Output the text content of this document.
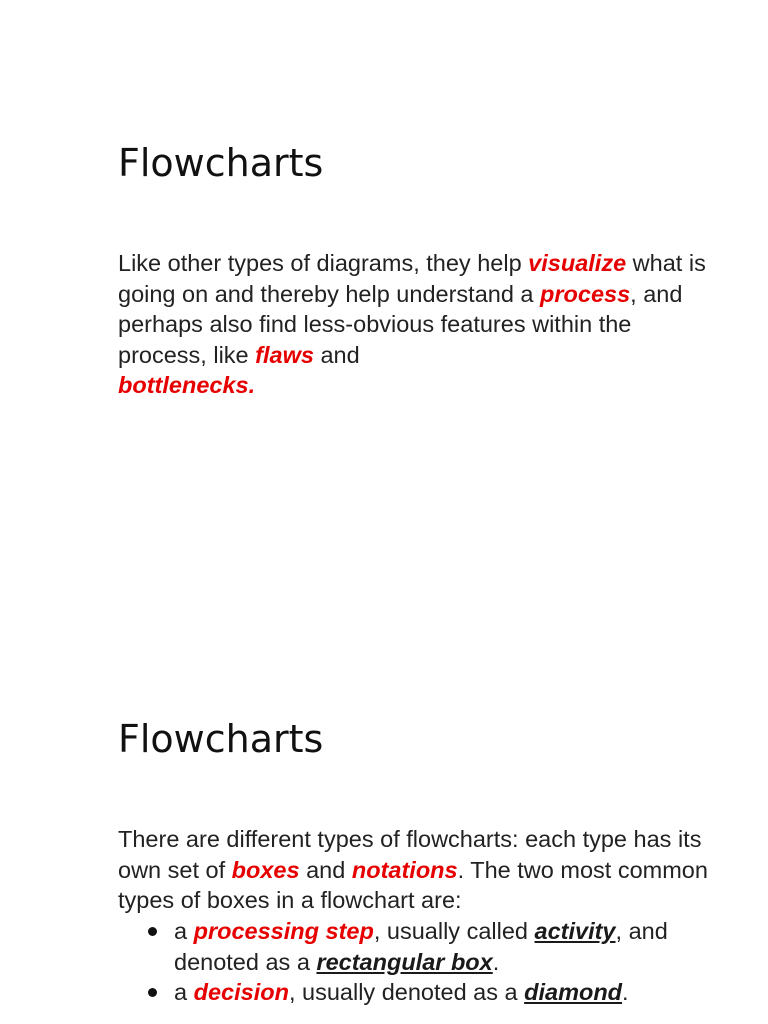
Flowcharts

Like other types of diagrams, they help visualize what is going on and thereby help understand a process, and perhaps also find less-obvious features within the process, like flaws and
bottlenecks.

Flowcharts

There are different types of flowcharts: each type has its own set of boxes and notations. The two most common types of boxes in a flowchart are:

a processing step, usually called activity, and denoted as a rectangular box.
a decision, usually denoted as a diamond.
